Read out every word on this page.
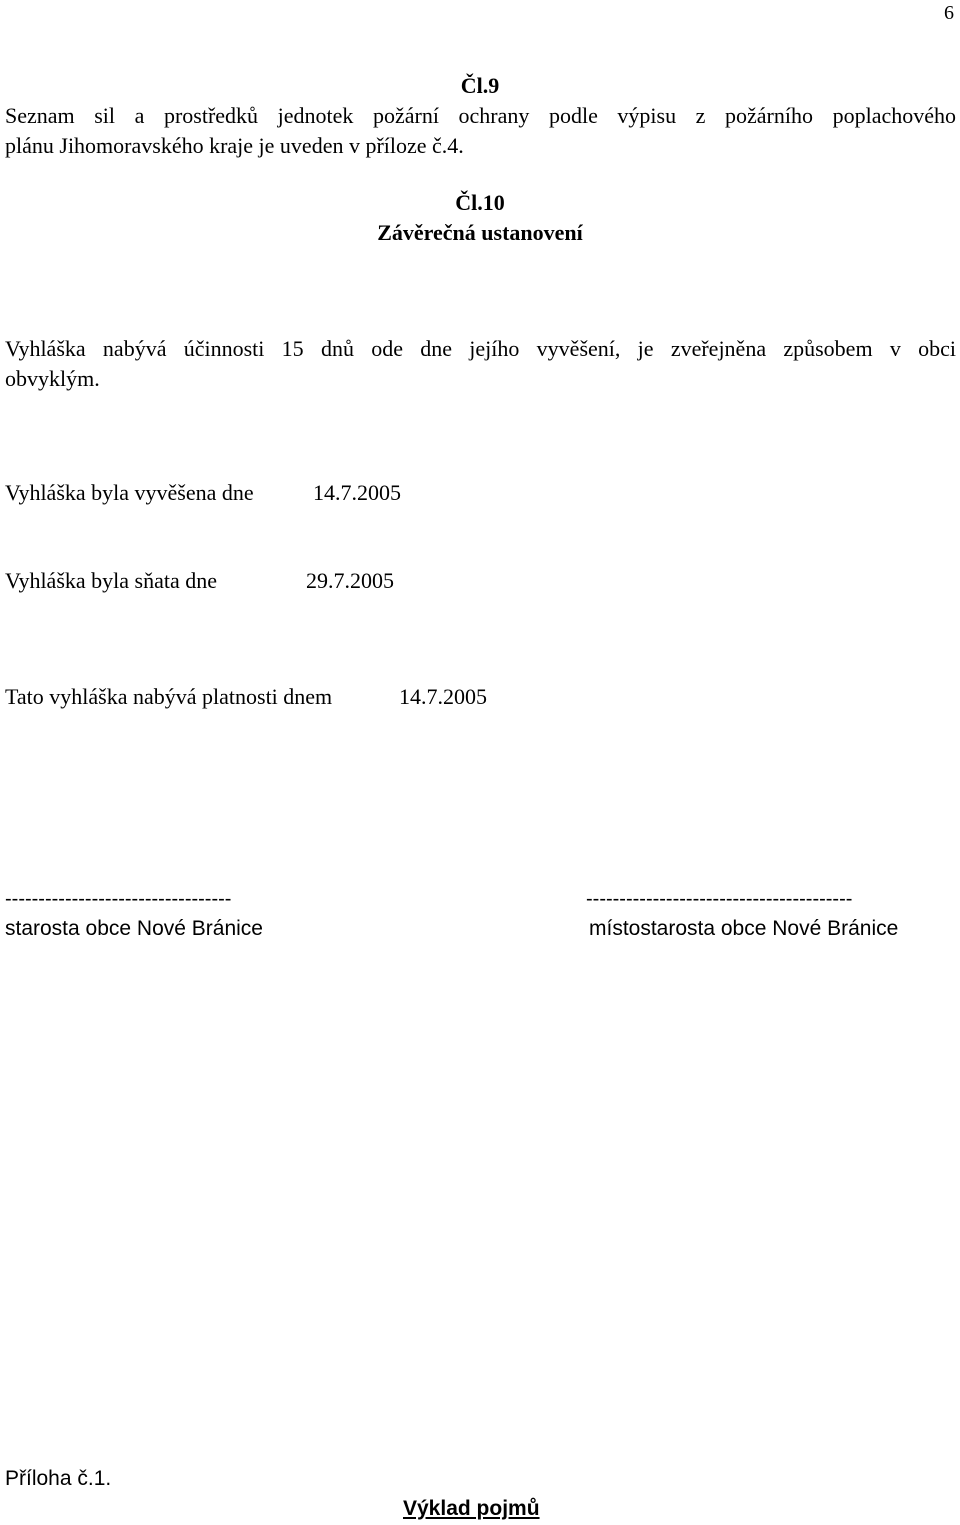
6
Čl.9
Seznam sil a prostředků jednotek požární ochrany podle výpisu z požárního poplachového
plánu Jihomoravského kraje je uveden v příloze č.4.
Čl.10
Závěrečná ustanovení
Vyhláška nabývá účinnosti 15 dnů ode dne jejího vyvěšení, je zveřejněna způsobem v obci
obvyklým.
Vyhláška byla vyvěšena dne	14.7.2005
Vyhláška byla sňata dne	29.7.2005
Tato vyhláška nabývá platnosti dnem	14.7.2005
----------------------------------
starosta obce Nové Bránice
----------------------------------------
místostarosta obce Nové Bránice
Příloha č.1.
Výklad pojmů
